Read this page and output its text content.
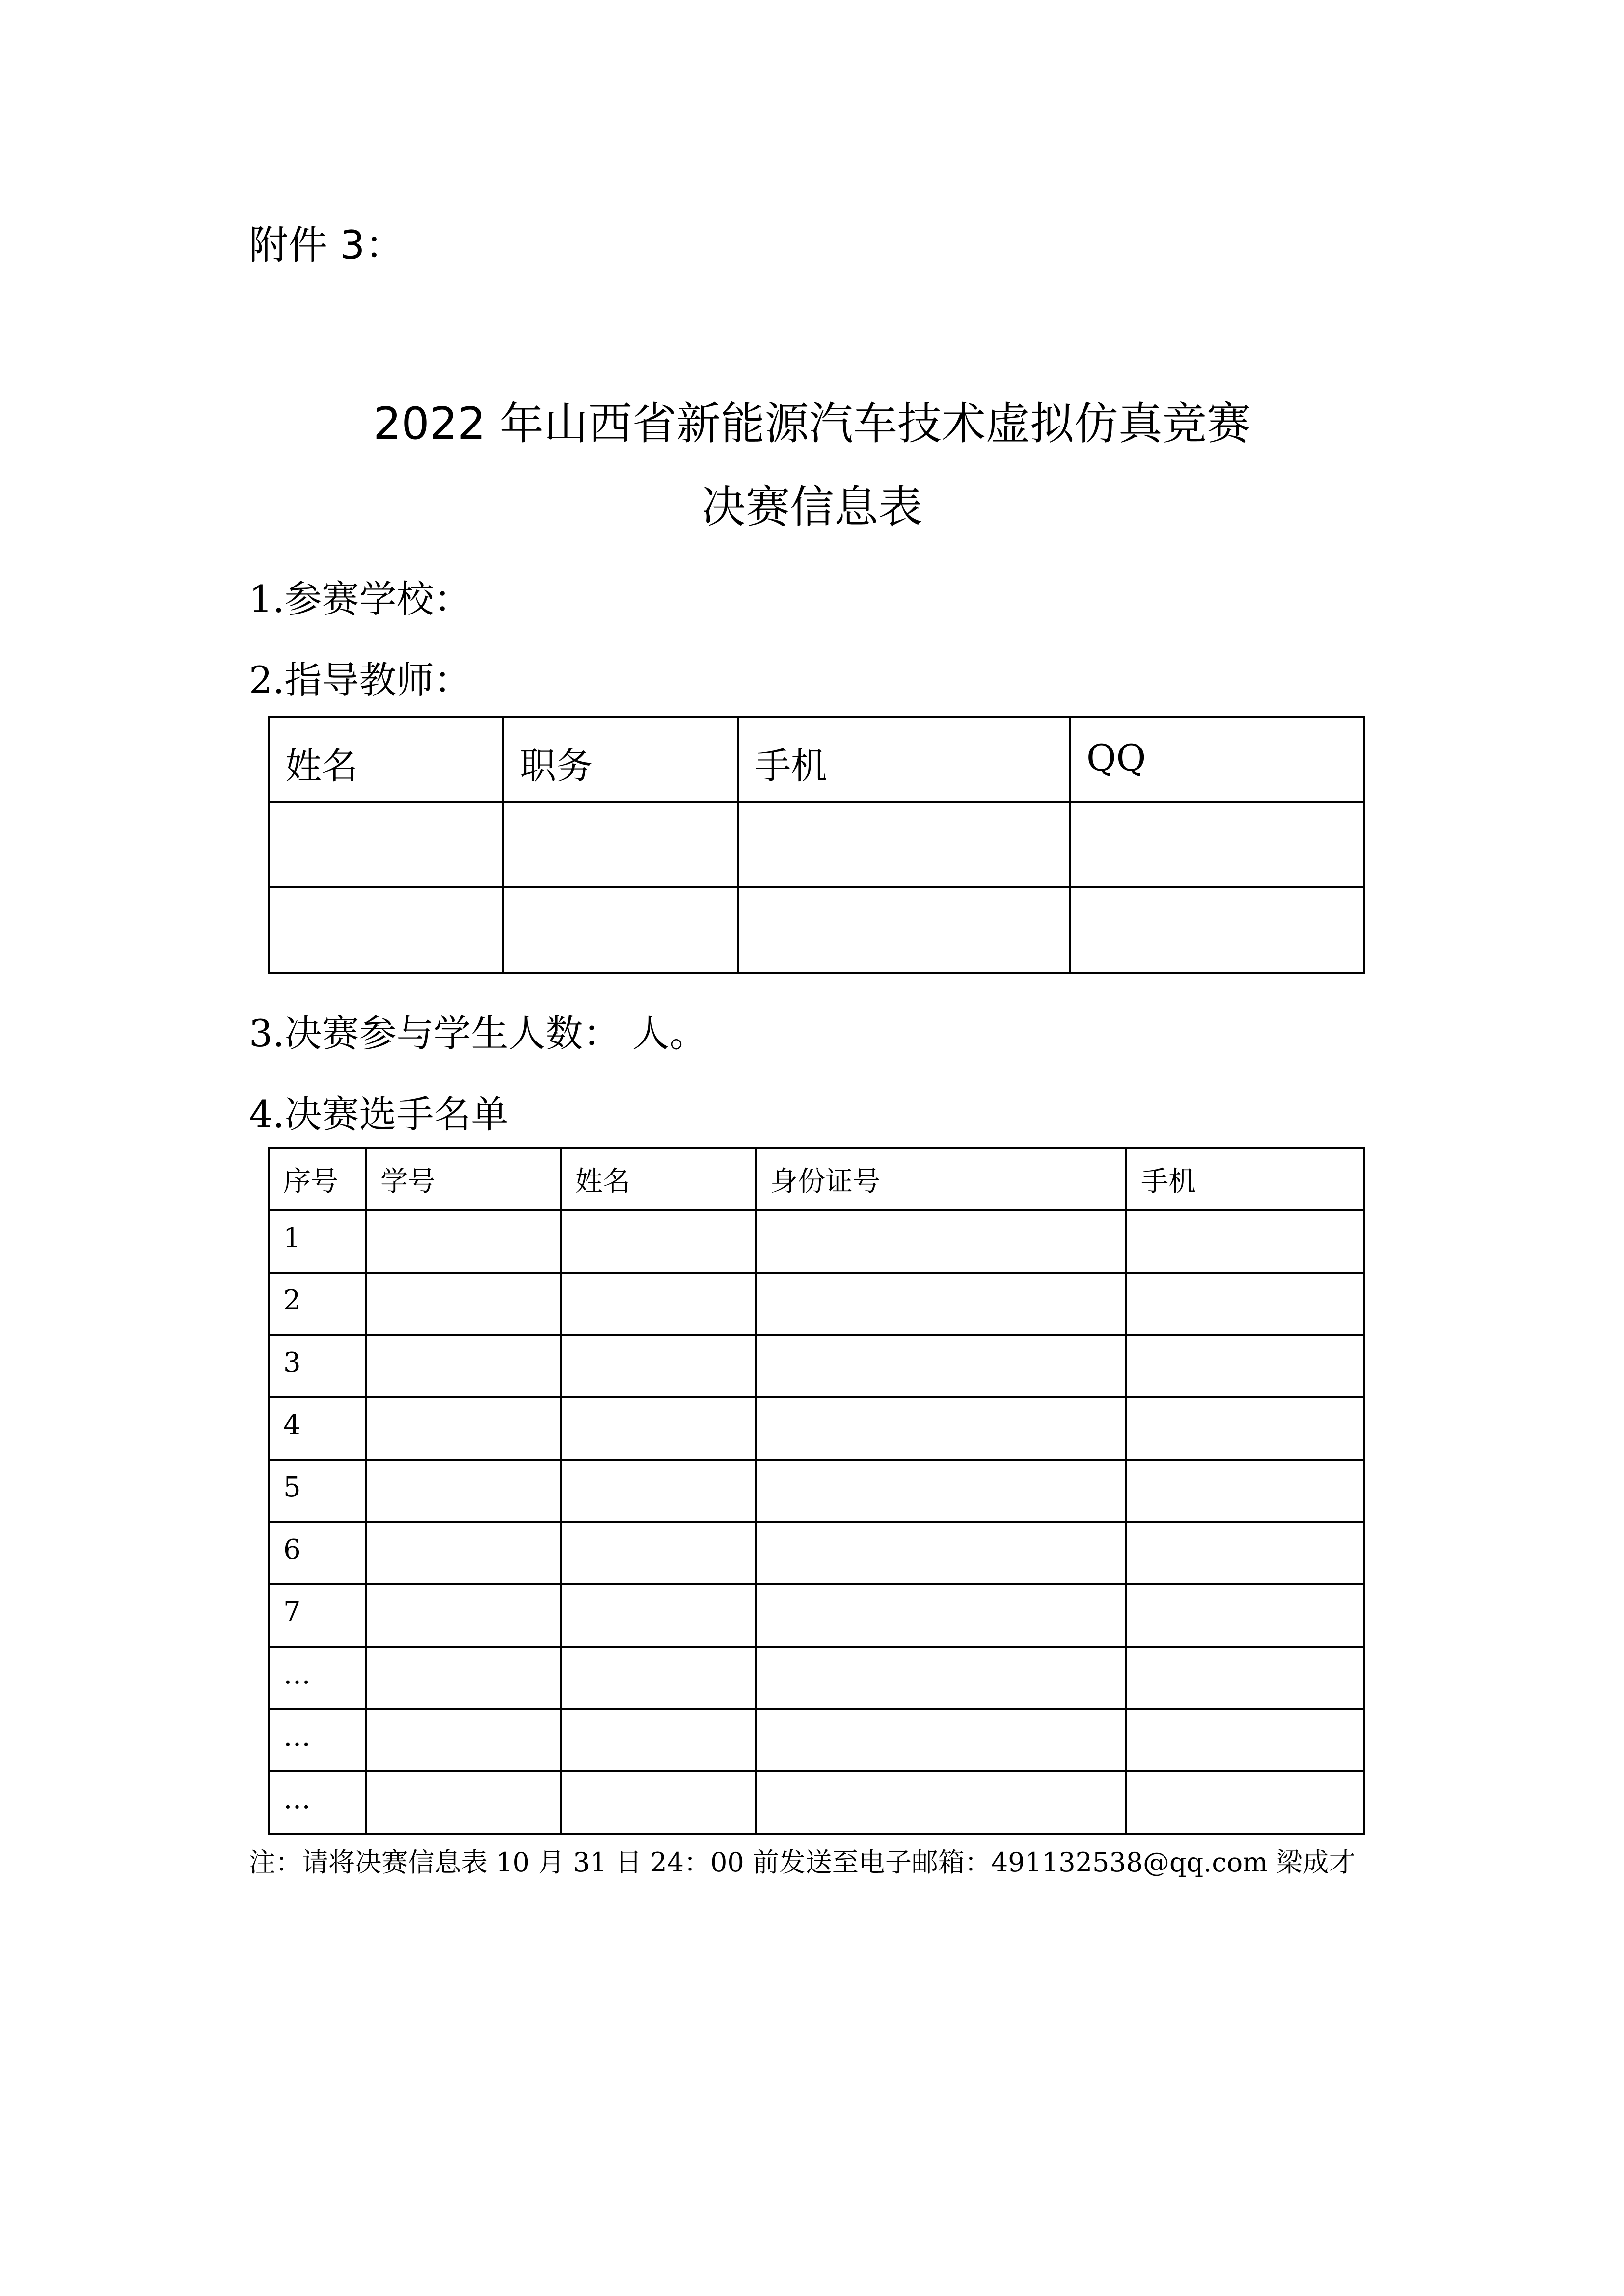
附件 3：
2022 年山西省新能源汽车技术虚拟仿真竞赛
决赛信息表
1.参赛学校：
2.指导教师：
姓名	职务	手机	QQ

3.决赛参与学生人数： 人。
4.决赛选手名单
序号	学号	姓名	身份证号	手机
1				
2				
3				
4				
5				
6				
7				
…				
…				
…				
注：请将决赛信息表 10 月 31 日 24：00 前发送至电子邮箱：491132538@qq.com 梁成才
